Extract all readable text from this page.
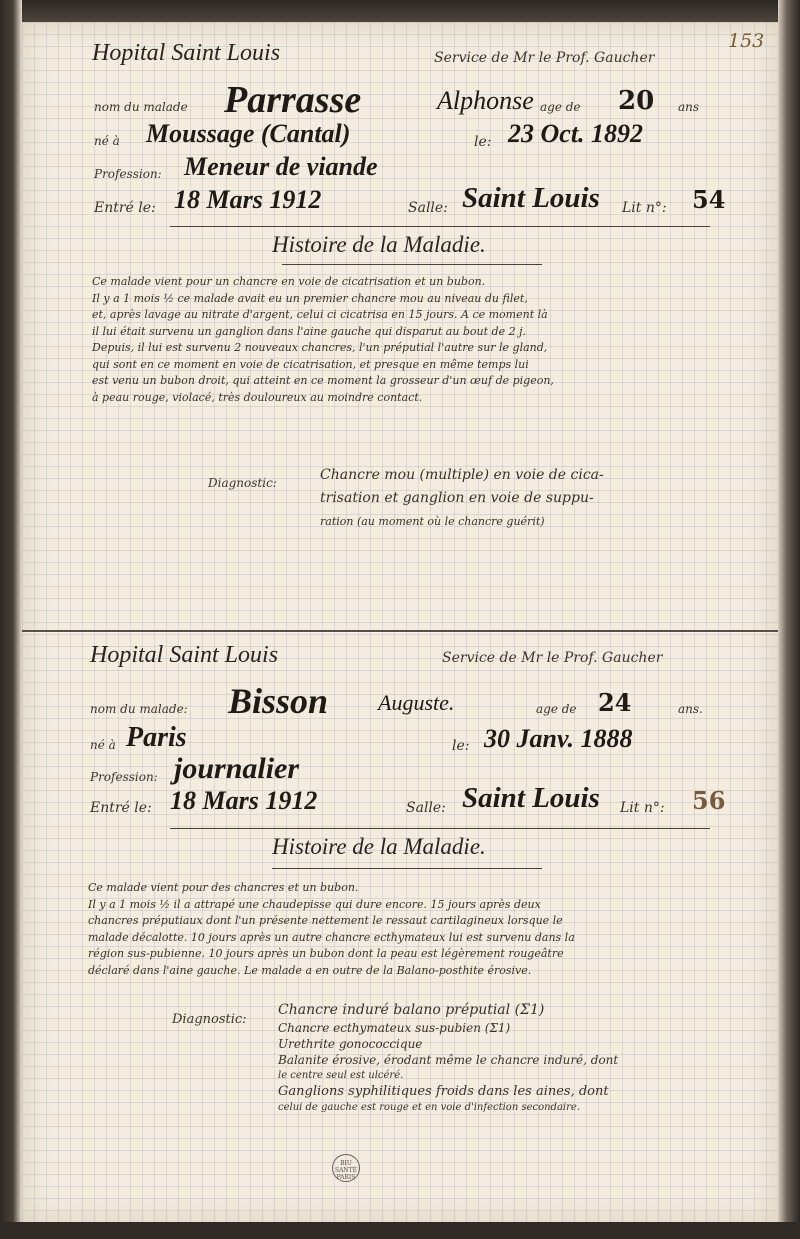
153
Hopital Saint Louis	Service de Mr le Prof. Gaucher
nom du malade Parrasse	Alphonse age de 20 ans
né à Moussage (Cantal)	le: 23 Oct. 1892
Profession: Meneur de viande
Entré le: 18 Mars 1912	Salle: Saint Louis Lit n°: 54
Histoire de la Maladie.
Ce malade vient pour un chancre en voie de cicatrisation et un bubon.
Il y a 1 mois ½ ce malade avait eu un premier chancre mou au niveau du filet,
et, après lavage au nitrate d'argent, celui ci cicatrisa en 15 jours. A ce moment là
il lui était survenu un ganglion dans l'aine gauche qui disparut au bout de 2 j.
Depuis, il lui est survenu 2 nouveaux chancres, l'un préputial l'autre sur le gland,
qui sont en ce moment en voie de cicatrisation, et presque en même temps lui
est venu un bubon droit, qui atteint en ce moment la grosseur d'un œuf de pigeon,
à peau rouge, violacé, très douloureux au moindre contact.
Diagnostic:	Chancre mou (multiple) en voie de cica-
trisation et ganglion en voie de suppu-
ration (au moment où le chancre guérit)
Hopital Saint Louis	Service de Mr le Prof. Gaucher
nom du malade: Bisson Auguste.	age de 24	ans.
né à Paris	le: 30 Janv. 1888
Profession: journalier
Entré le: 18 Mars 1912	Salle: Saint Louis Lit n°: 56
Histoire de la Maladie.
Ce malade vient pour des chancres et un bubon.
Il y a 1 mois ½ il a attrapé une chaudepisse qui dure encore. 15 jours après deux
chancres préputiaux dont l'un présente nettement le ressaut cartilagineux lorsque le
malade décalotte. 10 jours après un autre chancre ecthymateux lui est survenu dans la
région sus-pubienne. 10 jours après un bubon dont la peau est légèrement rougeâtre
déclaré dans l'aine gauche. Le malade a en outre de la Balano-posthite érosive.
Diagnostic:
Chancre induré balano préputial (Σ1)
Chancre ecthymateux sus-pubien (Σ1)
Urethrite gonococcique
Balanite érosive, érodant même le chancre induré, dont
le centre seul est ulcéré.
Ganglions syphilitiques froids dans les aines, dont
celui de gauche est rouge et en voie d'infection secondaire.
BIU SANTÉ PARIS
